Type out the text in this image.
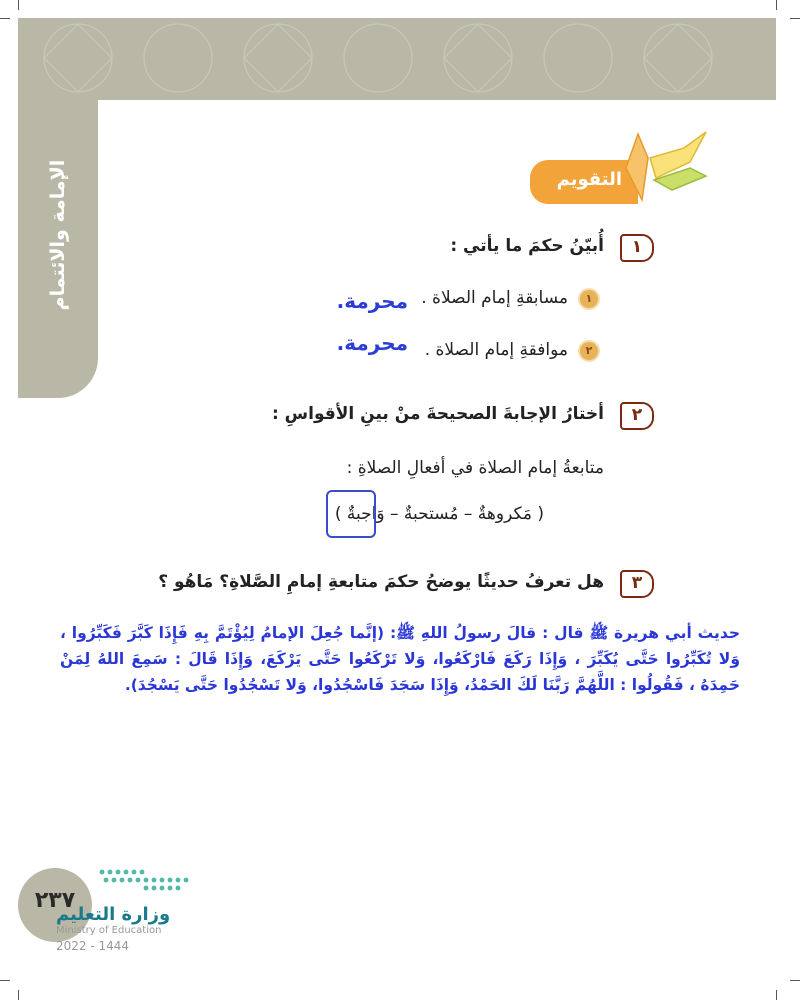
الإمامة والائتمام	التقويم
١
أُبيّنُ حكمَ ما يأتي :
١
مسابقةِ إمام الصلاة .
محرمة.
٢
موافقةِ إمام الصلاة .
محرمة.
٢
أختارُ الإجابةَ الصحيحةَ منْ بينِ الأقواسِ :
متابعةُ إمام الصلاة في أفعالِ الصلاةِ :
( مَكروهةٌ – مُستحبةٌ – وَاجبةٌ )
٣
هل تعرفُ حديثًا يوضحُ حكمَ متابعةِ إمامِ الصَّلاةِ؟ مَاهُو ؟
حديث أبي هريرة ﷺ قال : قالَ رسولُ اللهِ ﷺ: (إنَّما جُعِلَ الإمامُ لِيُؤْتَمَّ بِهِ فَإِذَا كَبَّرَ فَكَبِّرُوا ، وَلا تُكَبِّرُوا حَتَّى يُكَبِّرَ ، وَإِذَا رَكَعَ فَارْكَعُوا، وَلا تَرْكَعُوا حَتَّى يَرْكَعَ، وَإِذَا قَالَ : سَمِعَ اللهُ لِمَنْ حَمِدَهُ ، فَقُولُوا : اللَّهُمَّ رَبَّنَا لَكَ الحَمْدُ، وَإِذَا سَجَدَ فَاسْجُدُوا، وَلا تَسْجُدُوا حَتَّى يَسْجُدَ).
٢٣٧
وزارة التعليم
Ministry of Education
2022 - 1444
